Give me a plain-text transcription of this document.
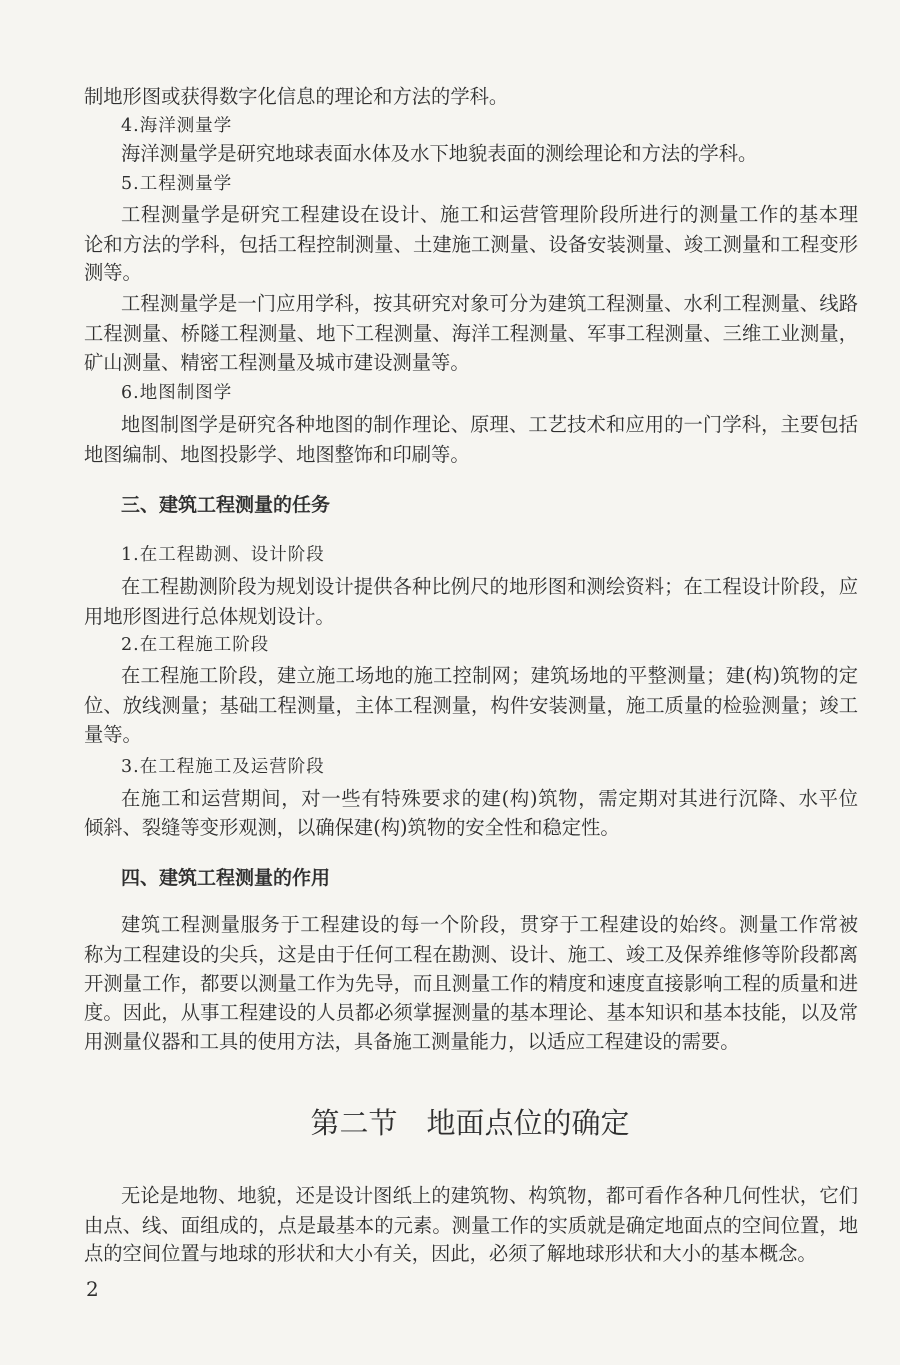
制地形图或获得数字化信息的理论和方法的学科。
4.海洋测量学
海洋测量学是研究地球表面水体及水下地貌表面的测绘理论和方法的学科。
5.工程测量学
工程测量学是研究工程建设在设计、施工和运营管理阶段所进行的测量工作的基本理
论和方法的学科，包括工程控制测量、土建施工测量、设备安装测量、竣工测量和工程变形
测等。
工程测量学是一门应用学科，按其研究对象可分为建筑工程测量、水利工程测量、线路
工程测量、桥隧工程测量、地下工程测量、海洋工程测量、军事工程测量、三维工业测量，
矿山测量、精密工程测量及城市建设测量等。
6.地图制图学
地图制图学是研究各种地图的制作理论、原理、工艺技术和应用的一门学科，主要包括
地图编制、地图投影学、地图整饰和印刷等。
三、建筑工程测量的任务
1.在工程勘测、设计阶段
在工程勘测阶段为规划设计提供各种比例尺的地形图和测绘资料；在工程设计阶段，应
用地形图进行总体规划设计。
2.在工程施工阶段
在工程施工阶段，建立施工场地的施工控制网；建筑场地的平整测量；建(构)筑物的定
位、放线测量；基础工程测量，主体工程测量，构件安装测量，施工质量的检验测量；竣工
量等。
3.在工程施工及运营阶段
在施工和运营期间，对一些有特殊要求的建(构)筑物，需定期对其进行沉降、水平位
倾斜、裂缝等变形观测，以确保建(构)筑物的安全性和稳定性。
四、建筑工程测量的作用
建筑工程测量服务于工程建设的每一个阶段，贯穿于工程建设的始终。测量工作常被
称为工程建设的尖兵，这是由于任何工程在勘测、设计、施工、竣工及保养维修等阶段都离
开测量工作，都要以测量工作为先导，而且测量工作的精度和速度直接影响工程的质量和进
度。因此，从事工程建设的人员都必须掌握测量的基本理论、基本知识和基本技能，以及常
用测量仪器和工具的使用方法，具备施工测量能力，以适应工程建设的需要。
第二节　地面点位的确定
无论是地物、地貌，还是设计图纸上的建筑物、构筑物，都可看作各种几何性状，它们
由点、线、面组成的，点是最基本的元素。测量工作的实质就是确定地面点的空间位置，地
点的空间位置与地球的形状和大小有关，因此，必须了解地球形状和大小的基本概念。
2
